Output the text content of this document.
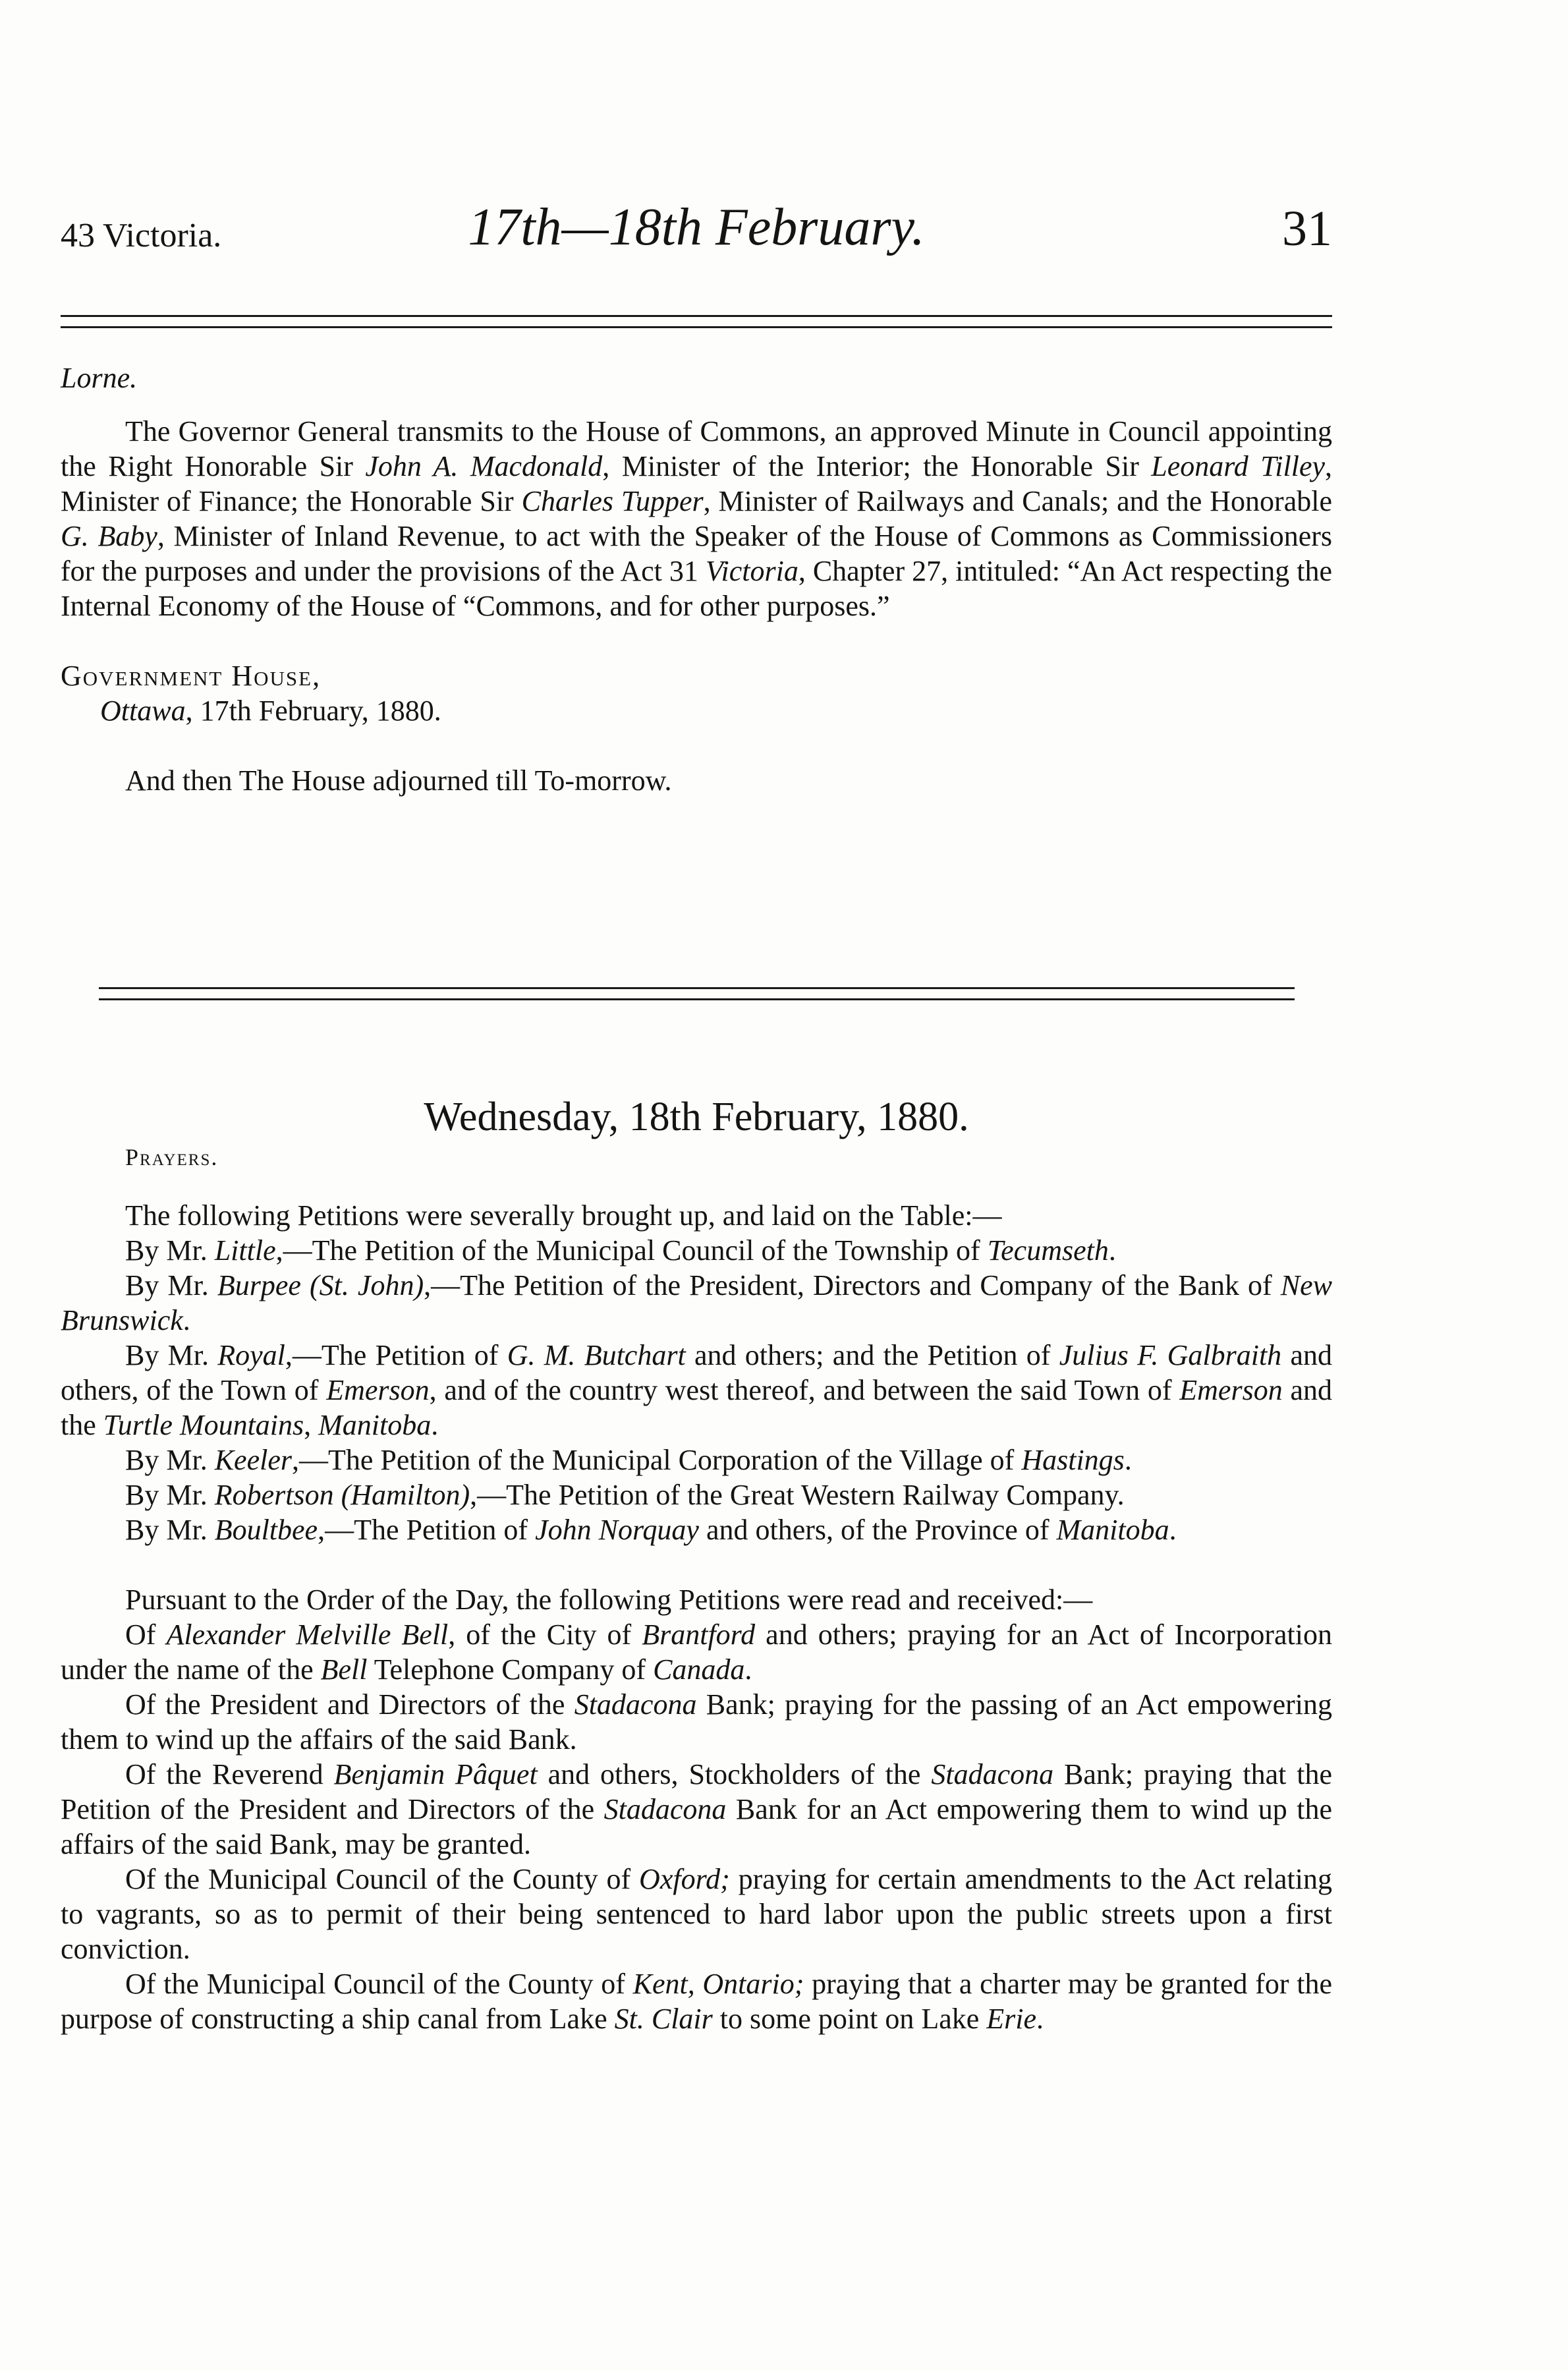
43 Victoria.	17th—18th February.	31
Lorne.

The Governor General transmits to the House of Commons, an approved Minute in Council appointing the Right Honorable Sir John A. Macdonald, Minister of the Interior; the Honorable Sir Leonard Tilley, Minister of Finance; the Honorable Sir Charles Tupper, Minister of Railways and Canals; and the Honorable G. Baby, Minister of Inland Revenue, to act with the Speaker of the House of Commons as Commissioners for the purposes and under the provisions of the Act 31 Victoria, Chapter 27, intituled: “An Act respecting the Internal Economy of the House of “Commons, and for other purposes.”

Government House,

Ottawa, 17th February, 1880.

And then The House adjourned till To-morrow.

Wednesday, 18th February, 1880.
Prayers.

The following Petitions were severally brought up, and laid on the Table:—

By Mr. Little,—The Petition of the Municipal Council of the Township of Tecumseth.

By Mr. Burpee (St. John),—The Petition of the President, Directors and Company of the Bank of New Brunswick.

By Mr. Royal,—The Petition of G. M. Butchart and others; and the Petition of Julius F. Galbraith and others, of the Town of Emerson, and of the country west thereof, and between the said Town of Emerson and the Turtle Mountains, Manitoba.

By Mr. Keeler,—The Petition of the Municipal Corporation of the Village of Hastings.

By Mr. Robertson (Hamilton),—The Petition of the Great Western Railway Company.

By Mr. Boultbee,—The Petition of John Norquay and others, of the Province of Manitoba.

Pursuant to the Order of the Day, the following Petitions were read and received:—

Of Alexander Melville Bell, of the City of Brantford and others; praying for an Act of Incorporation under the name of the Bell Telephone Company of Canada.

Of the President and Directors of the Stadacona Bank; praying for the passing of an Act empowering them to wind up the affairs of the said Bank.

Of the Reverend Benjamin Pâquet and others, Stockholders of the Stadacona Bank; praying that the Petition of the President and Directors of the Stadacona Bank for an Act empowering them to wind up the affairs of the said Bank, may be granted.

Of the Municipal Council of the County of Oxford; praying for certain amendments to the Act relating to vagrants, so as to permit of their being sentenced to hard labor upon the public streets upon a first conviction.

Of the Municipal Council of the County of Kent, Ontario; praying that a charter may be granted for the purpose of constructing a ship canal from Lake St. Clair to some point on Lake Erie.
